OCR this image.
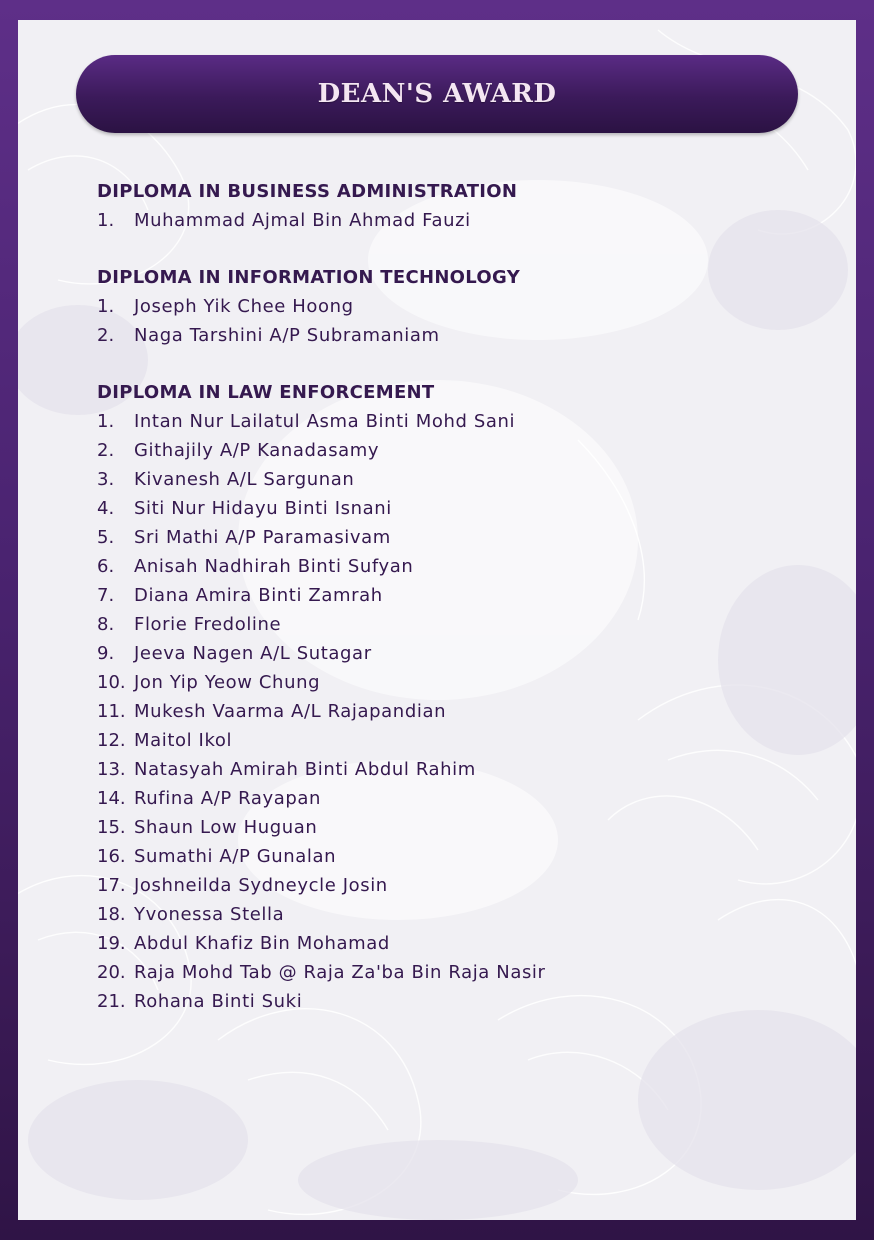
DEAN'S AWARD
DIPLOMA IN BUSINESS ADMINISTRATION
1.	Muhammad Ajmal Bin Ahmad Fauzi
DIPLOMA IN INFORMATION TECHNOLOGY
1.	Joseph Yik Chee Hoong
2.	Naga Tarshini A/P Subramaniam
DIPLOMA IN LAW ENFORCEMENT
1.	Intan Nur Lailatul Asma Binti Mohd Sani
2.	Githajily A/P Kanadasamy
3.	Kivanesh A/L Sargunan
4.	Siti Nur Hidayu Binti Isnani
5.	Sri Mathi A/P Paramasivam
6.	Anisah Nadhirah Binti Sufyan
7.	Diana Amira Binti Zamrah
8.	Florie Fredoline
9.	Jeeva Nagen A/L Sutagar
10. Jon Yip Yeow Chung
11. Mukesh Vaarma A/L Rajapandian
12. Maitol Ikol
13. Natasyah Amirah Binti Abdul Rahim
14. Rufina A/P Rayapan
15. Shaun Low Huguan
16. Sumathi A/P Gunalan
17. Joshneilda Sydneycle Josin
18. Yvonessa Stella
19. Abdul Khafiz Bin Mohamad
20. Raja Mohd Tab @ Raja Za'ba Bin Raja Nasir
21. Rohana Binti Suki
